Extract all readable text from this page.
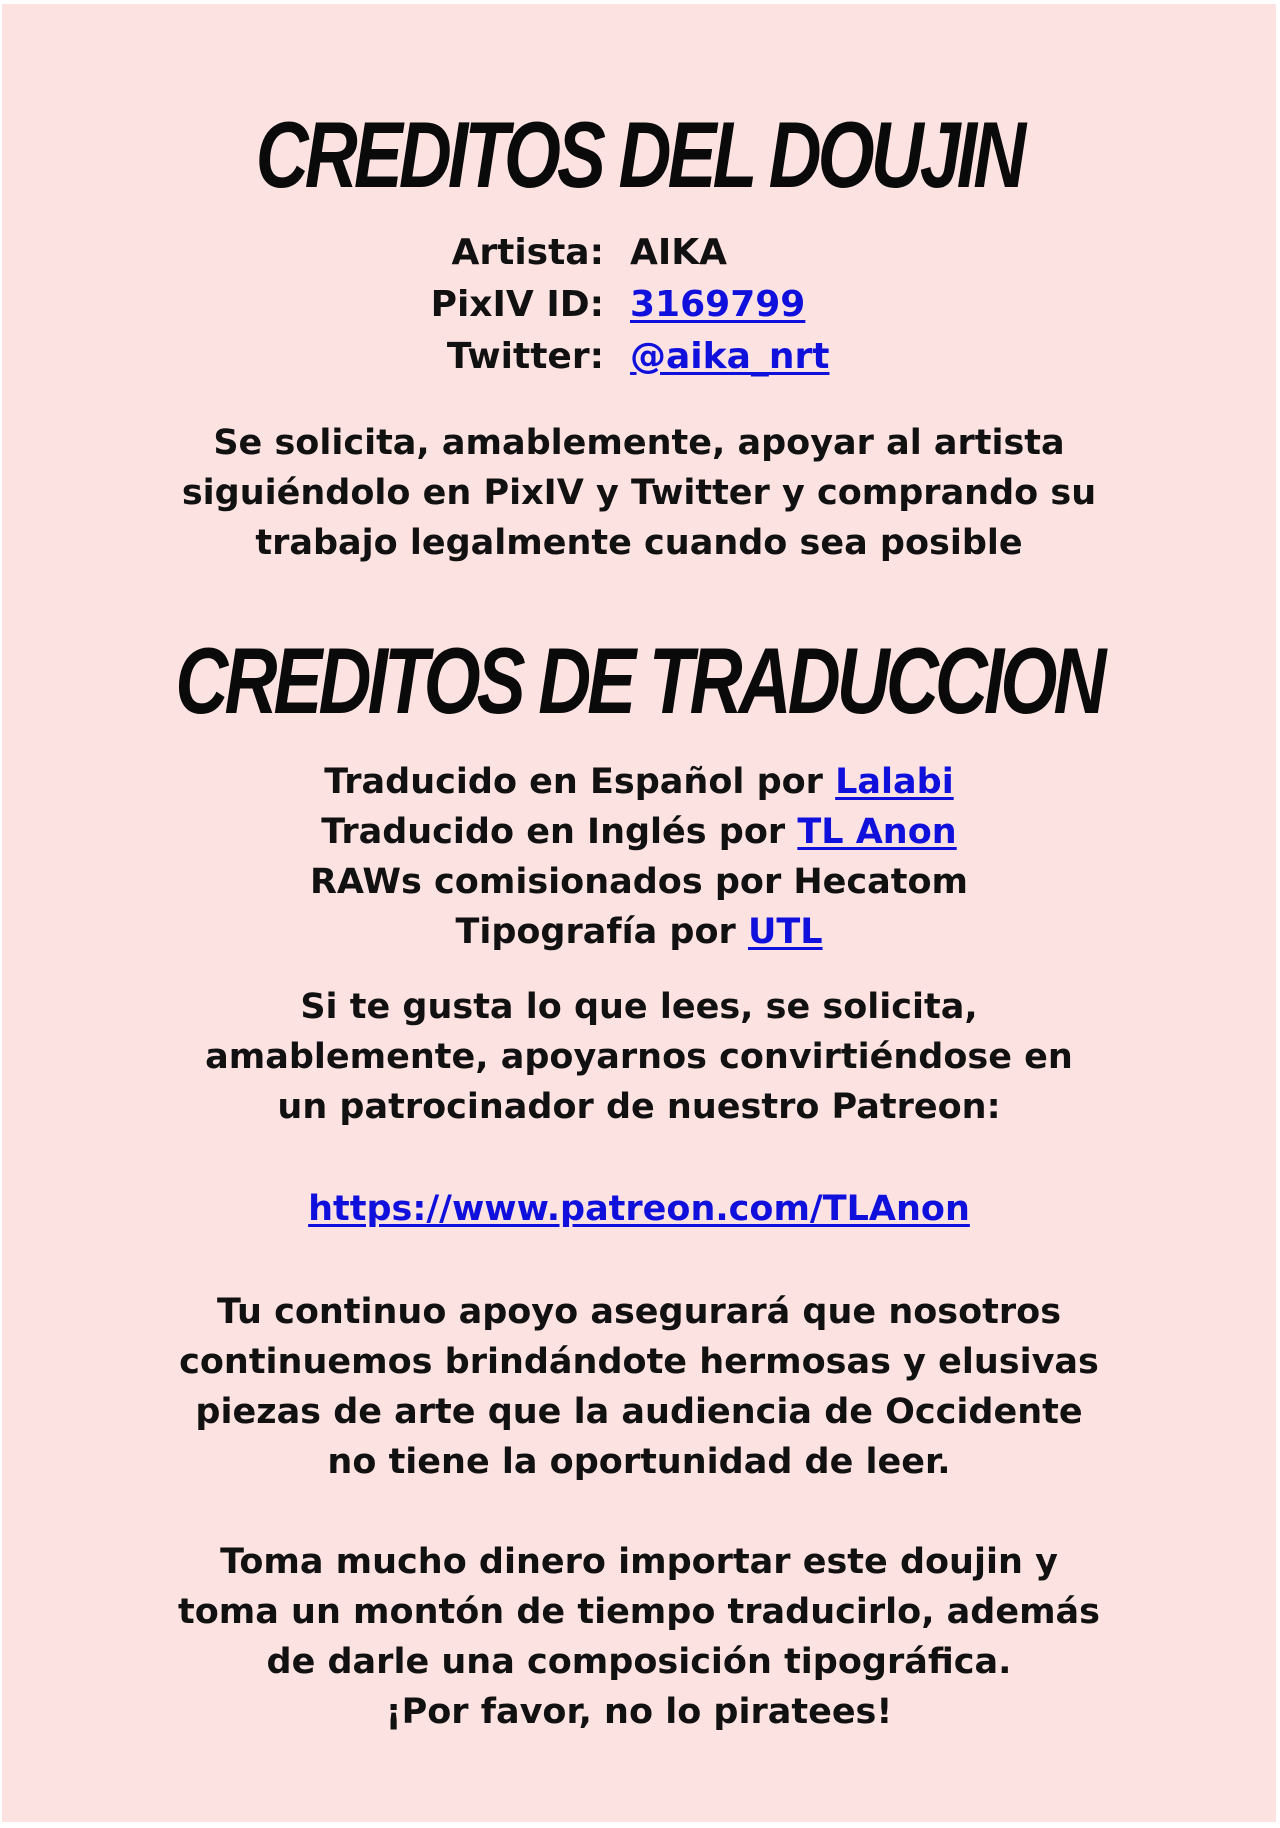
CREDITOS DEL DOUJIN
Artista: AIKA
PixIV ID: 3169799
Twitter: @aika_nrt

Se solicita, amablemente, apoyar al artista
siguiéndolo en PixIV y Twitter y comprando su
trabajo legalmente cuando sea posible

CREDITOS DE TRADUCCION

Traducido en Español por Lalabi
Traducido en Inglés por TL Anon
RAWs comisionados por Hecatom
Tipografía por UTL

Si te gusta lo que lees, se solicita,
amablemente, apoyarnos convirtiéndose en
un patrocinador de nuestro Patreon:

https://www.patreon.com/TLAnon

Tu continuo apoyo asegurará que nosotros
continuemos brindándote hermosas y elusivas
piezas de arte que la audiencia de Occidente
no tiene la oportunidad de leer.

Toma mucho dinero importar este doujin y
toma un montón de tiempo traducirlo, además
de darle una composición tipográfica.
¡Por favor, no lo piratees!
